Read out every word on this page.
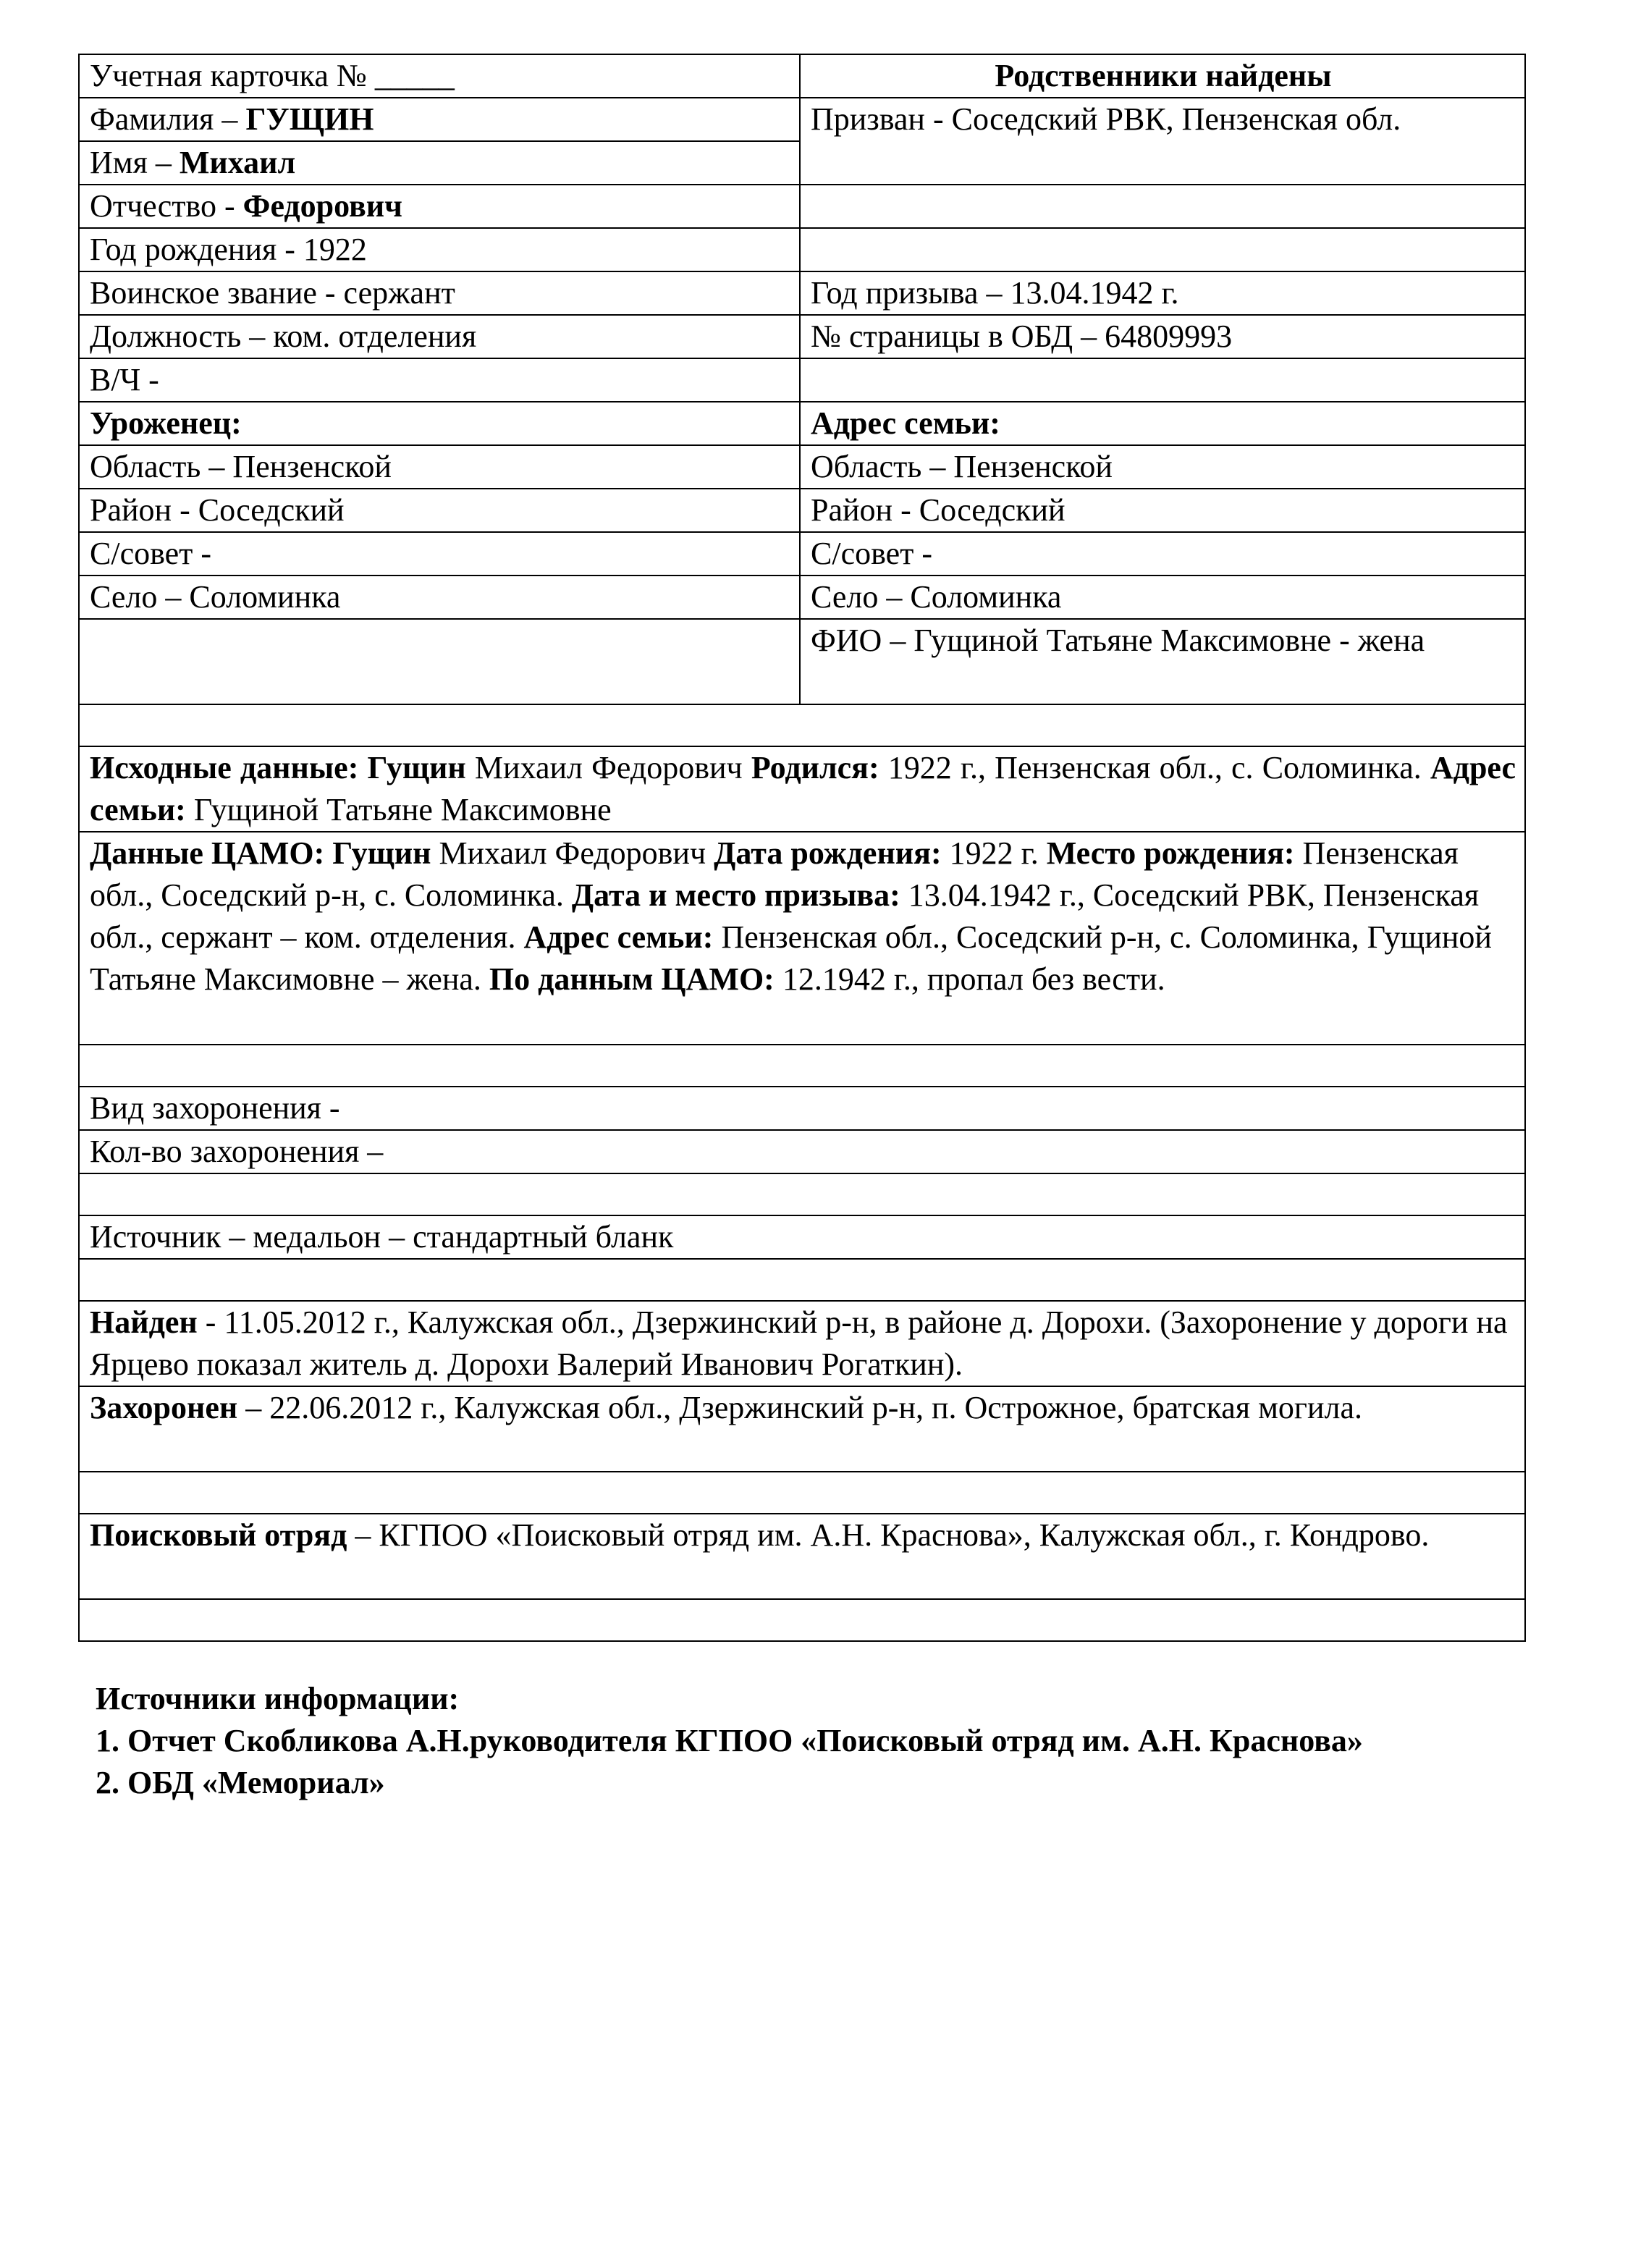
Учетная карточка № _____	Родственники найдены
Фамилия – ГУЩИН	Призван - Соседский РВК, Пензенская обл.
Имя – Михаил	
Отчество - Федорович	
Год рождения - 1922	
Воинское звание - сержант	Год призыва – 13.04.1942 г.
Должность – ком. отделения	№ страницы в ОБД – 64809993
В/Ч -	
Уроженец:	Адрес семьи:
Область – Пензенской	Область – Пензенской
Район - Соседский	Район - Соседский
С/совет -	С/совет -
Село – Соломинка	Село – Соломинка
	ФИО – Гущиной Татьяне Максимовне - жена

Исходные данные: Гущин Михаил Федорович Родился: 1922 г., Пензенская обл., с. Соломинка. Адрес семьи: Гущиной Татьяне Максимовне	
Данные ЦАМО: Гущин Михаил Федорович Дата рождения: 1922 г. Место рождения: Пензенская обл., Соседский р-н, с. Соломинка. Дата и место призыва: 13.04.1942 г., Соседский РВК, Пензенская обл., сержант – ком. отделения. Адрес семьи: Пензенская обл., Соседский р-н, с. Соломинка, Гущиной Татьяне Максимовне – жена. По данным ЦАМО: 12.1942 г., пропал без вести.	

Вид захоронения -	
Кол-во захоронения –	

Источник – медальон – стандартный бланк	

Найден - 11.05.2012 г., Калужская обл., Дзержинский р-н, в районе д. Дорохи. (Захоронение у дороги на Ярцево показал житель д. Дорохи Валерий Иванович Рогаткин).	
Захоронен – 22.06.2012 г., Калужская обл., Дзержинский р-н, п. Острожное, братская могила.	

Поисковый отряд – КГПОО «Поисковый отряд им. А.Н. Краснова», Калужская обл., г. Кондрово.	

Источники информации:
1. Отчет Скобликова А.Н.руководителя КГПОО «Поисковый отряд им. А.Н. Краснова»
2. ОБД «Мемориал»
